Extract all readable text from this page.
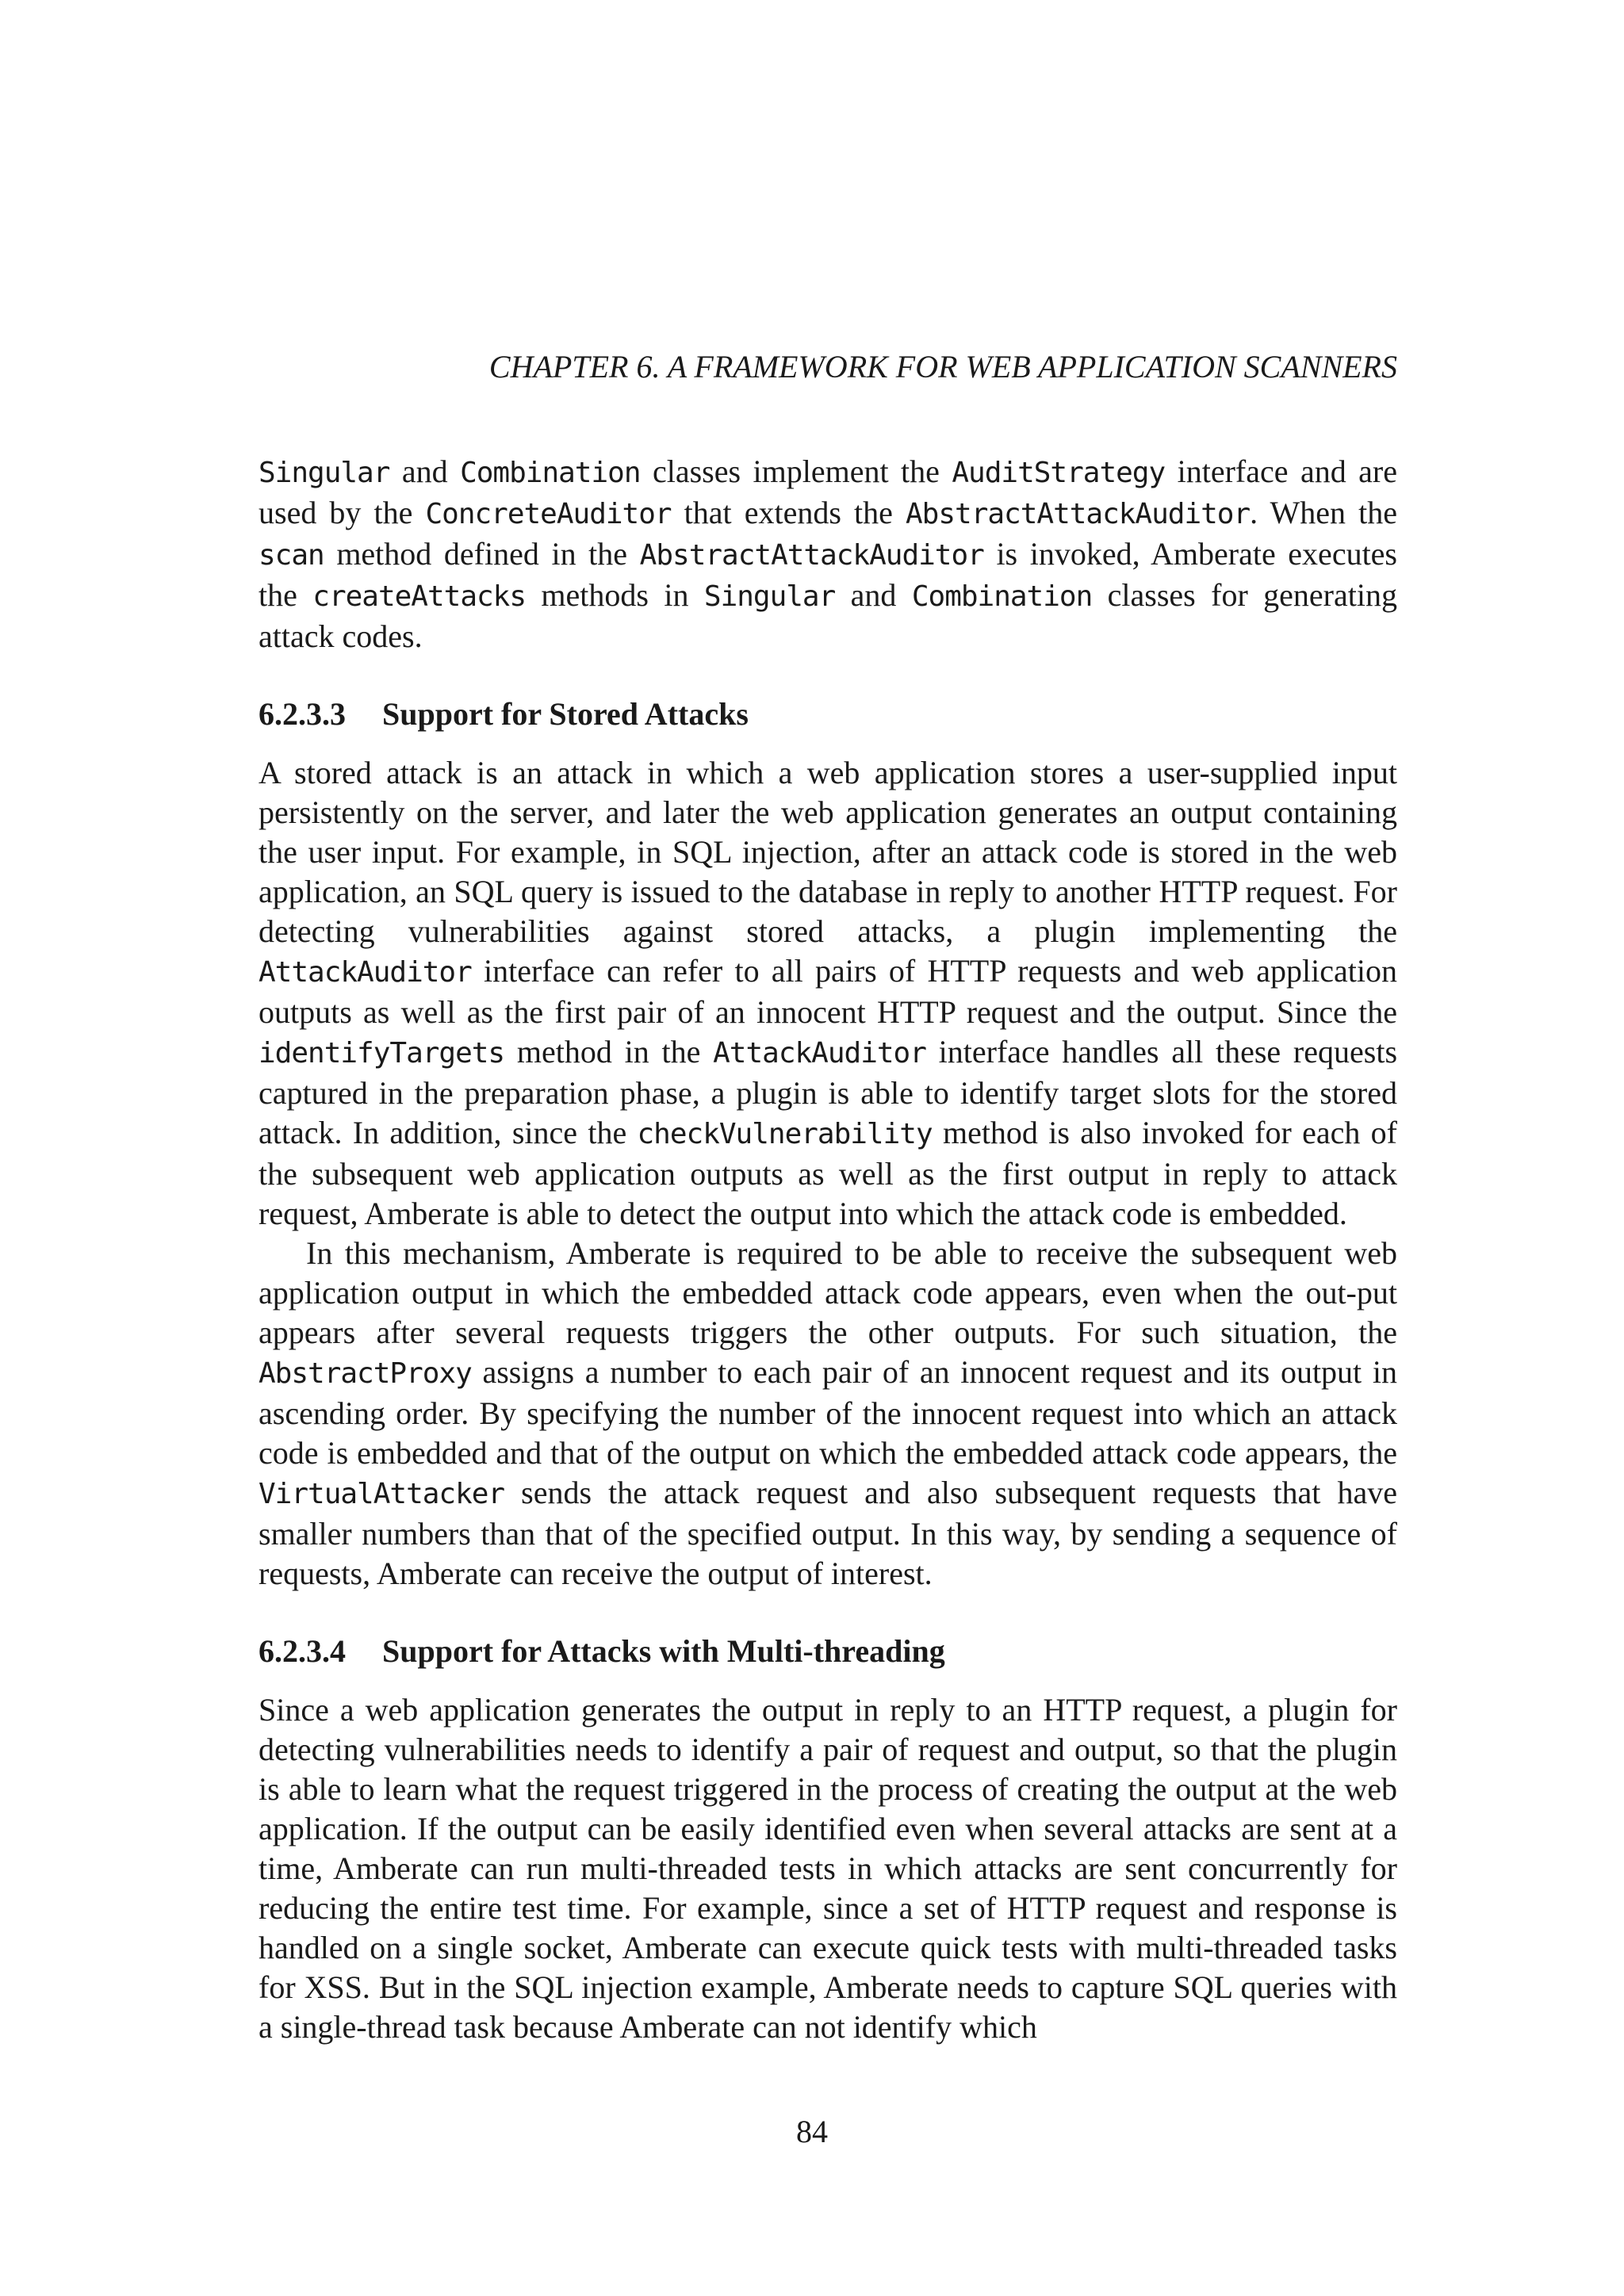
CHAPTER 6. A FRAMEWORK FOR WEB APPLICATION SCANNERS

Singular and Combination classes implement the AuditStrategy interface and are used by the ConcreteAuditor that extends the AbstractAttackAuditor. When the scan method defined in the AbstractAttackAuditor is invoked, Amberate executes the createAttacks methods in Singular and Combination classes for generating attack codes.

6.2.3.3 Support for Stored Attacks

A stored attack is an attack in which a web application stores a user-supplied input persistently on the server, and later the web application generates an output containing the user input. For example, in SQL injection, after an attack code is stored in the web application, an SQL query is issued to the database in reply to another HTTP request. For detecting vulnerabilities against stored attacks, a plugin implementing the AttackAuditor interface can refer to all pairs of HTTP requests and web application outputs as well as the first pair of an innocent HTTP request and the output. Since the identifyTargets method in the AttackAuditor interface handles all these requests captured in the preparation phase, a plugin is able to identify target slots for the stored attack. In addition, since the checkVulnerability method is also invoked for each of the subsequent web application outputs as well as the first output in reply to attack request, Amberate is able to detect the output into which the attack code is embedded.

In this mechanism, Amberate is required to be able to receive the subsequent web application output in which the embedded attack code appears, even when the out-put appears after several requests triggers the other outputs. For such situation, the AbstractProxy assigns a number to each pair of an innocent request and its output in ascending order. By specifying the number of the innocent request into which an attack code is embedded and that of the output on which the embedded attack code appears, the VirtualAttacker sends the attack request and also subsequent requests that have smaller numbers than that of the specified output. In this way, by sending a sequence of requests, Amberate can receive the output of interest.

6.2.3.4 Support for Attacks with Multi-threading

Since a web application generates the output in reply to an HTTP request, a plugin for detecting vulnerabilities needs to identify a pair of request and output, so that the plugin is able to learn what the request triggered in the process of creating the output at the web application. If the output can be easily identified even when several attacks are sent at a time, Amberate can run multi-threaded tests in which attacks are sent concurrently for reducing the entire test time. For example, since a set of HTTP request and response is handled on a single socket, Amberate can execute quick tests with multi-threaded tasks for XSS. But in the SQL injection example, Amberate needs to capture SQL queries with a single-thread task because Amberate can not identify which

84
